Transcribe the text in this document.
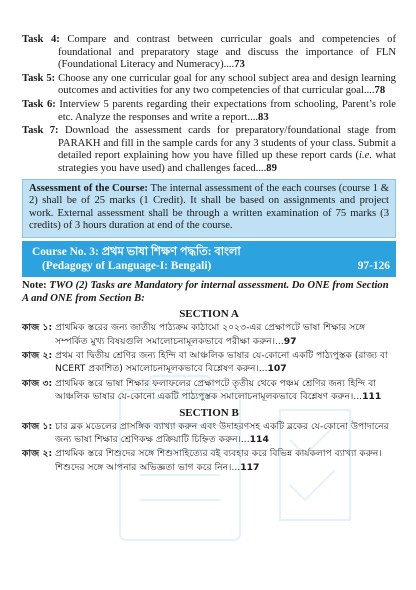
Task 4: Compare and contrast between curricular goals and competencies of foundational and preparatory stage and discuss the importance of FLN (Foundational Literacy and Numeracy)....73

Task 5: Choose any one curricular goal for any school subject area and design learning outcomes and activities for any two competencies of that curricular goal....78

Task 6: Interview 5 parents regarding their expectations from schooling, Parent’s role etc. Analyze the responses and write a report....83

Task 7: Download the assessment cards for preparatory/foundational stage from PARAKH and fill in the sample cards for any 3 students of your class. Submit a detailed report explaining how you have filled up these report cards (i.e. what strategies you have used) and challenges faced....89

Assessment of the Course: The internal assessment of the each courses (course 1 & 2) shall be of 25 marks (1 Credit). It shall be based on assignments and project work. External assessment shall be through a written examination of 75 marks (3 credits) of 3 hours duration at end of the course.
Course No. 3: প্রথম ভাষা শিক্ষণ পদ্ধতি: বাংলা
(Pedagogy of Language-I: Bengali)	97-126
Note: TWO (2) Tasks are Mandatory for internal assessment. Do ONE from Section A and ONE from Section B:
SECTION A

কাজ ১: প্রাথমিক স্তরের জন্য জাতীয় পাঠ্যক্রম কাঠামো ২০২৩-এর প্রেক্ষাপটে ভাষা শিক্ষার সঙ্গে সম্পর্কিত মুখ্য বিষয়গুলি সমালোচনামূলকভাবে পরীক্ষা করুন।...97

কাজ ২: প্রথম বা দ্বিতীয় শ্রেণির জন্য হিন্দি বা আঞ্চলিক ভাষার যে-কোনো একটি পাঠ্যপুস্তক (রাজ্য বা NCERT প্রকাশিত) সমালোচনামূলকভাবে বিশ্লেষণ করুন।...107

কাজ ৩: প্রাথমিক স্তরে ভাষা শিক্ষার ফলাফলের প্রেক্ষাপটে তৃতীয় থেকে পঞ্চম শ্রেণির জন্য হিন্দি বা আঞ্চলিক ভাষার যে-কোনো একটি পাঠ্যপুস্তক সমালোচনামূলকভাবে বিশ্লেষণ করুন।...111

SECTION B

কাজ ১: চার ব্লক মডেলের প্রাসঙ্গিক ব্যাখ্যা করুন এবং উদাহরণসহ একটি ব্লকের যে-কোনো উপাদানের জন্য ভাষা শিক্ষার শ্রেণিকক্ষ প্রক্রিয়াটি চিহ্নিত করুন।...114

কাজ ২: প্রাথমিক স্তরে শিশুদের সঙ্গে শিশুসাহিত্যের বই ব্যবহার করে বিভিন্ন কার্যকলাপ ব্যাখ্যা করুন। শিশুদের সঙ্গে আপনার অভিজ্ঞতা ভাগ করে নিন।...117
